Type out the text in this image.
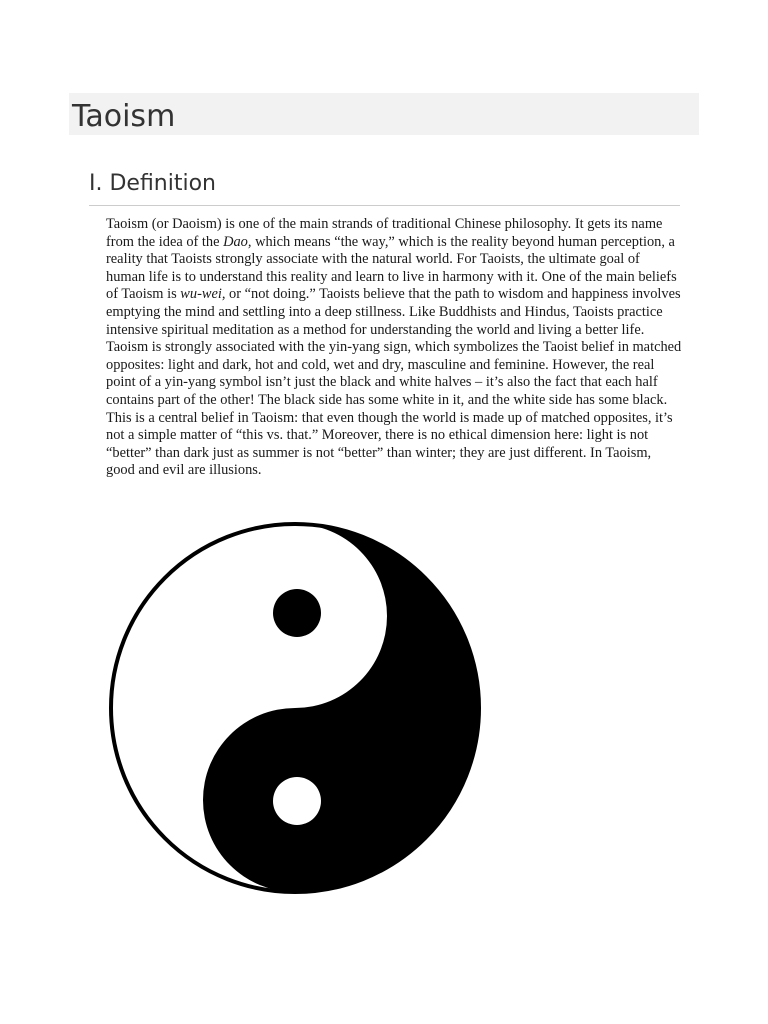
Taoism
I. Definition

Taoism (or Daoism) is one of the main strands of traditional Chinese philosophy. It gets its name from the idea of the Dao, which means “the way,” which is the reality beyond human perception, a reality that Taoists strongly associate with the natural world. For Taoists, the ultimate goal of human life is to understand this reality and learn to live in harmony with it. One of the main beliefs of Taoism is wu-wei, or “not doing.” Taoists believe that the path to wisdom and happiness involves emptying the mind and settling into a deep stillness. Like Buddhists and Hindus, Taoists practice intensive spiritual meditation as a method for understanding the world and living a better life.

Taoism is strongly associated with the yin-yang sign, which symbolizes the Taoist belief in matched opposites: light and dark, hot and cold, wet and dry, masculine and feminine. However, the real point of a yin-yang symbol isn’t just the black and white halves – it’s also the fact that each half contains part of the other! The black side has some white in it, and the white side has some black. This is a central belief in Taoism: that even though the world is made up of matched opposites, it’s not a simple matter of “this vs. that.” Moreover, there is no ethical dimension here: light is not “better” than dark just as summer is not “better” than winter; they are just different. In Taoism, good and evil are illusions.
